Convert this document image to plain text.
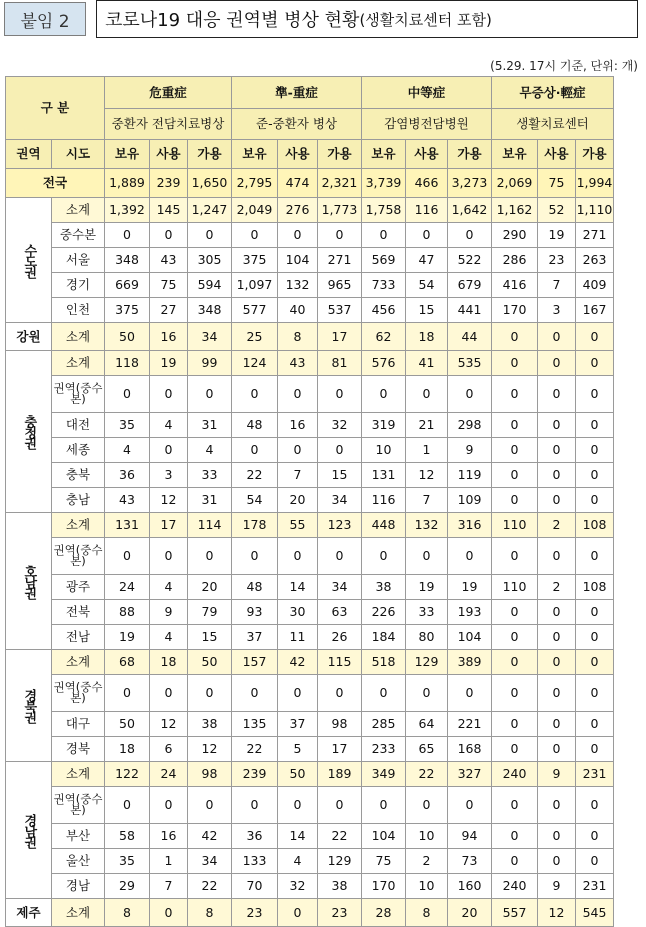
붙임 2 코로나19 대응 권역별 병상 현황 (생활치료센터 포함)
(5.29. 17시 기준, 단위: 개)
구 분		危重症			準-重症			中等症			무증상·輕症		
		중환자 전담치료병상			준-중환자 병상			감염병전담병원			생활치료센터		
권역	시도	보유	사용	가용	보유	사용	가용	보유	사용	가용	보유	사용	가용
전국		1,889	239	1,650	2,795	474	2,321	3,739	466	3,273	2,069	75	1,994
수도권	소계	1,392	145	1,247	2,049	276	1,773	1,758	116	1,642	1,162	52	1,110
	중수본	0	0	0	0	0	0	0	0	0	290	19	271
	서울	348	43	305	375	104	271	569	47	522	286	23	263
	경기	669	75	594	1,097	132	965	733	54	679	416	7	409
	인천	375	27	348	577	40	537	456	15	441	170	3	167
강원	소계	50	16	34	25	8	17	62	18	44	0	0	0
충청권	소계	118	19	99	124	43	81	576	41	535	0	0	0
	권역(중수본)	0	0	0	0	0	0	0	0	0	0	0	0
	대전	35	4	31	48	16	32	319	21	298	0	0	0
	세종	4	0	4	0	0	0	10	1	9	0	0	0
	충북	36	3	33	22	7	15	131	12	119	0	0	0
	충남	43	12	31	54	20	34	116	7	109	0	0	0
호남권	소계	131	17	114	178	55	123	448	132	316	110	2	108
	권역(중수본)	0	0	0	0	0	0	0	0	0	0	0	0
	광주	24	4	20	48	14	34	38	19	19	110	2	108
	전북	88	9	79	93	30	63	226	33	193	0	0	0
	전남	19	4	15	37	11	26	184	80	104	0	0	0
경북권	소계	68	18	50	157	42	115	518	129	389	0	0	0
	권역(중수본)	0	0	0	0	0	0	0	0	0	0	0	0
	대구	50	12	38	135	37	98	285	64	221	0	0	0
	경북	18	6	12	22	5	17	233	65	168	0	0	0
경남권	소계	122	24	98	239	50	189	349	22	327	240	9	231
	권역(중수본)	0	0	0	0	0	0	0	0	0	0	0	0
	부산	58	16	42	36	14	22	104	10	94	0	0	0
	울산	35	1	34	133	4	129	75	2	73	0	0	0
	경남	29	7	22	70	32	38	170	10	160	240	9	231
제주	소계	8	0	8	23	0	23	28	8	20	557	12	545
